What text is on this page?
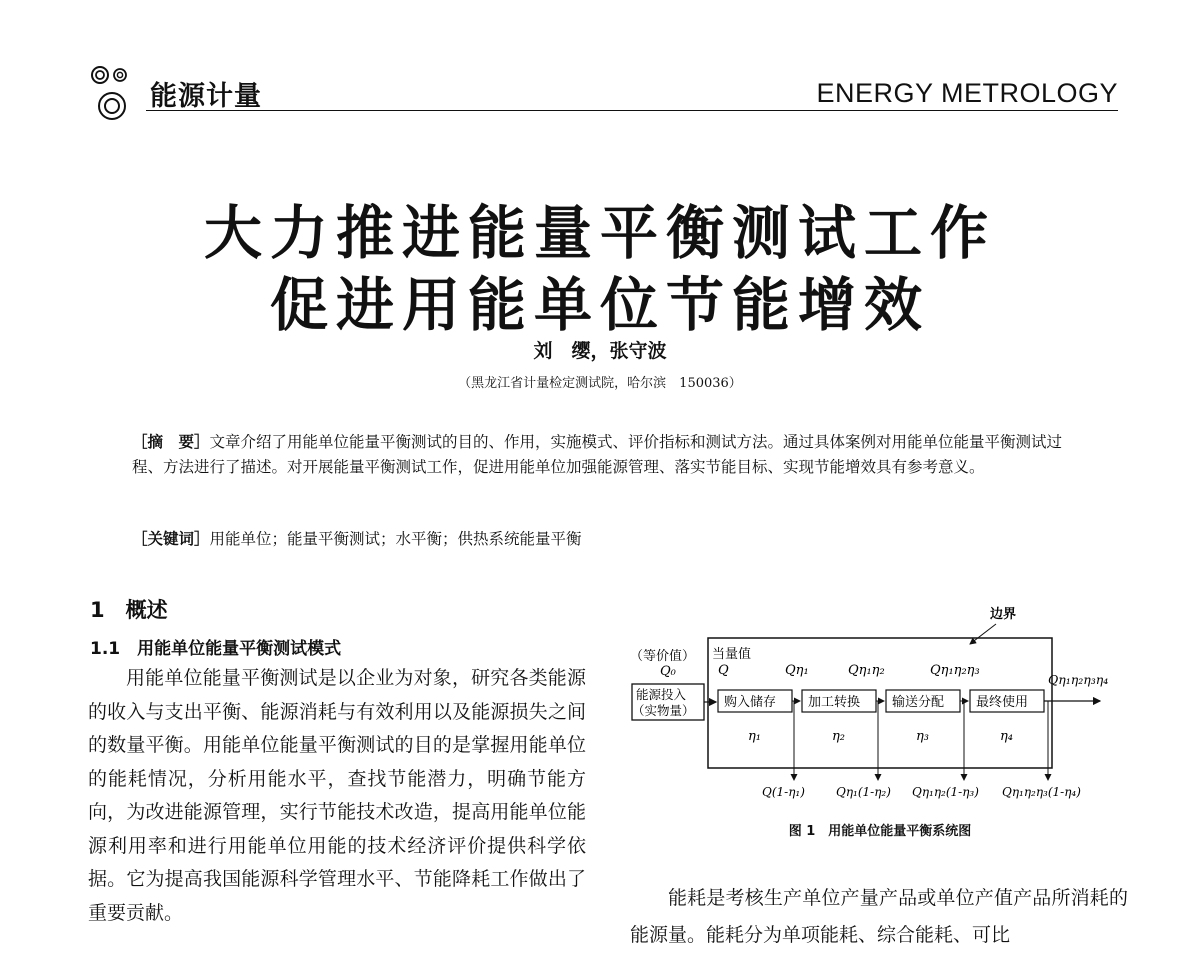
能源计量	ENERGY METROLOGY
大力推进能量平衡测试工作
促进用能单位节能增效
刘　缨，张守波
（黑龙江省计量检定测试院，哈尔滨　150036）
［摘　要］文章介绍了用能单位能量平衡测试的目的、作用，实施模式、评价指标和测试方法。通过具体案例对用能单位能量平衡测试过程、方法进行了描述。对开展能量平衡测试工作，促进用能单位加强能源管理、落实节能目标、实现节能增效具有参考意义。
［关键词］用能单位；能量平衡测试；水平衡；供热系统能量平衡
1　概述
1.1　用能单位能量平衡测试模式
用能单位能量平衡测试是以企业为对象，研究各类能源的收入与支出平衡、能源消耗与有效利用以及能源损失之间的数量平衡。用能单位能量平衡测试的目的是掌握用能单位的能耗情况，分析用能水平，查找节能潜力，明确节能方向，为改进能源管理，实行节能技术改造，提高用能单位能源利用率和进行用能单位用能的技术经济评价提供科学依据。它为提高我国能源科学管理水平、节能降耗工作做出了重要贡献。
边界
（等价值）
Q₀
当量值
能源投入
（实物量）
Q	Qη₁	Qη₁η₂	Qη₁η₂η₃
购入储存 加工转换 输送分配 最终使用
Qη₁η₂η₃η₄
η₁	η₂	η₃	η₄
Q(1-η₁)	Qη₁(1-η₂) Qη₁η₂(1-η₃) Qη₁η₂η₃(1-η₄)
图 1　用能单位能量平衡系统图
能耗是考核生产单位产量产品或单位产值产品所消耗的能源量。能耗分为单项能耗、综合能耗、可比
